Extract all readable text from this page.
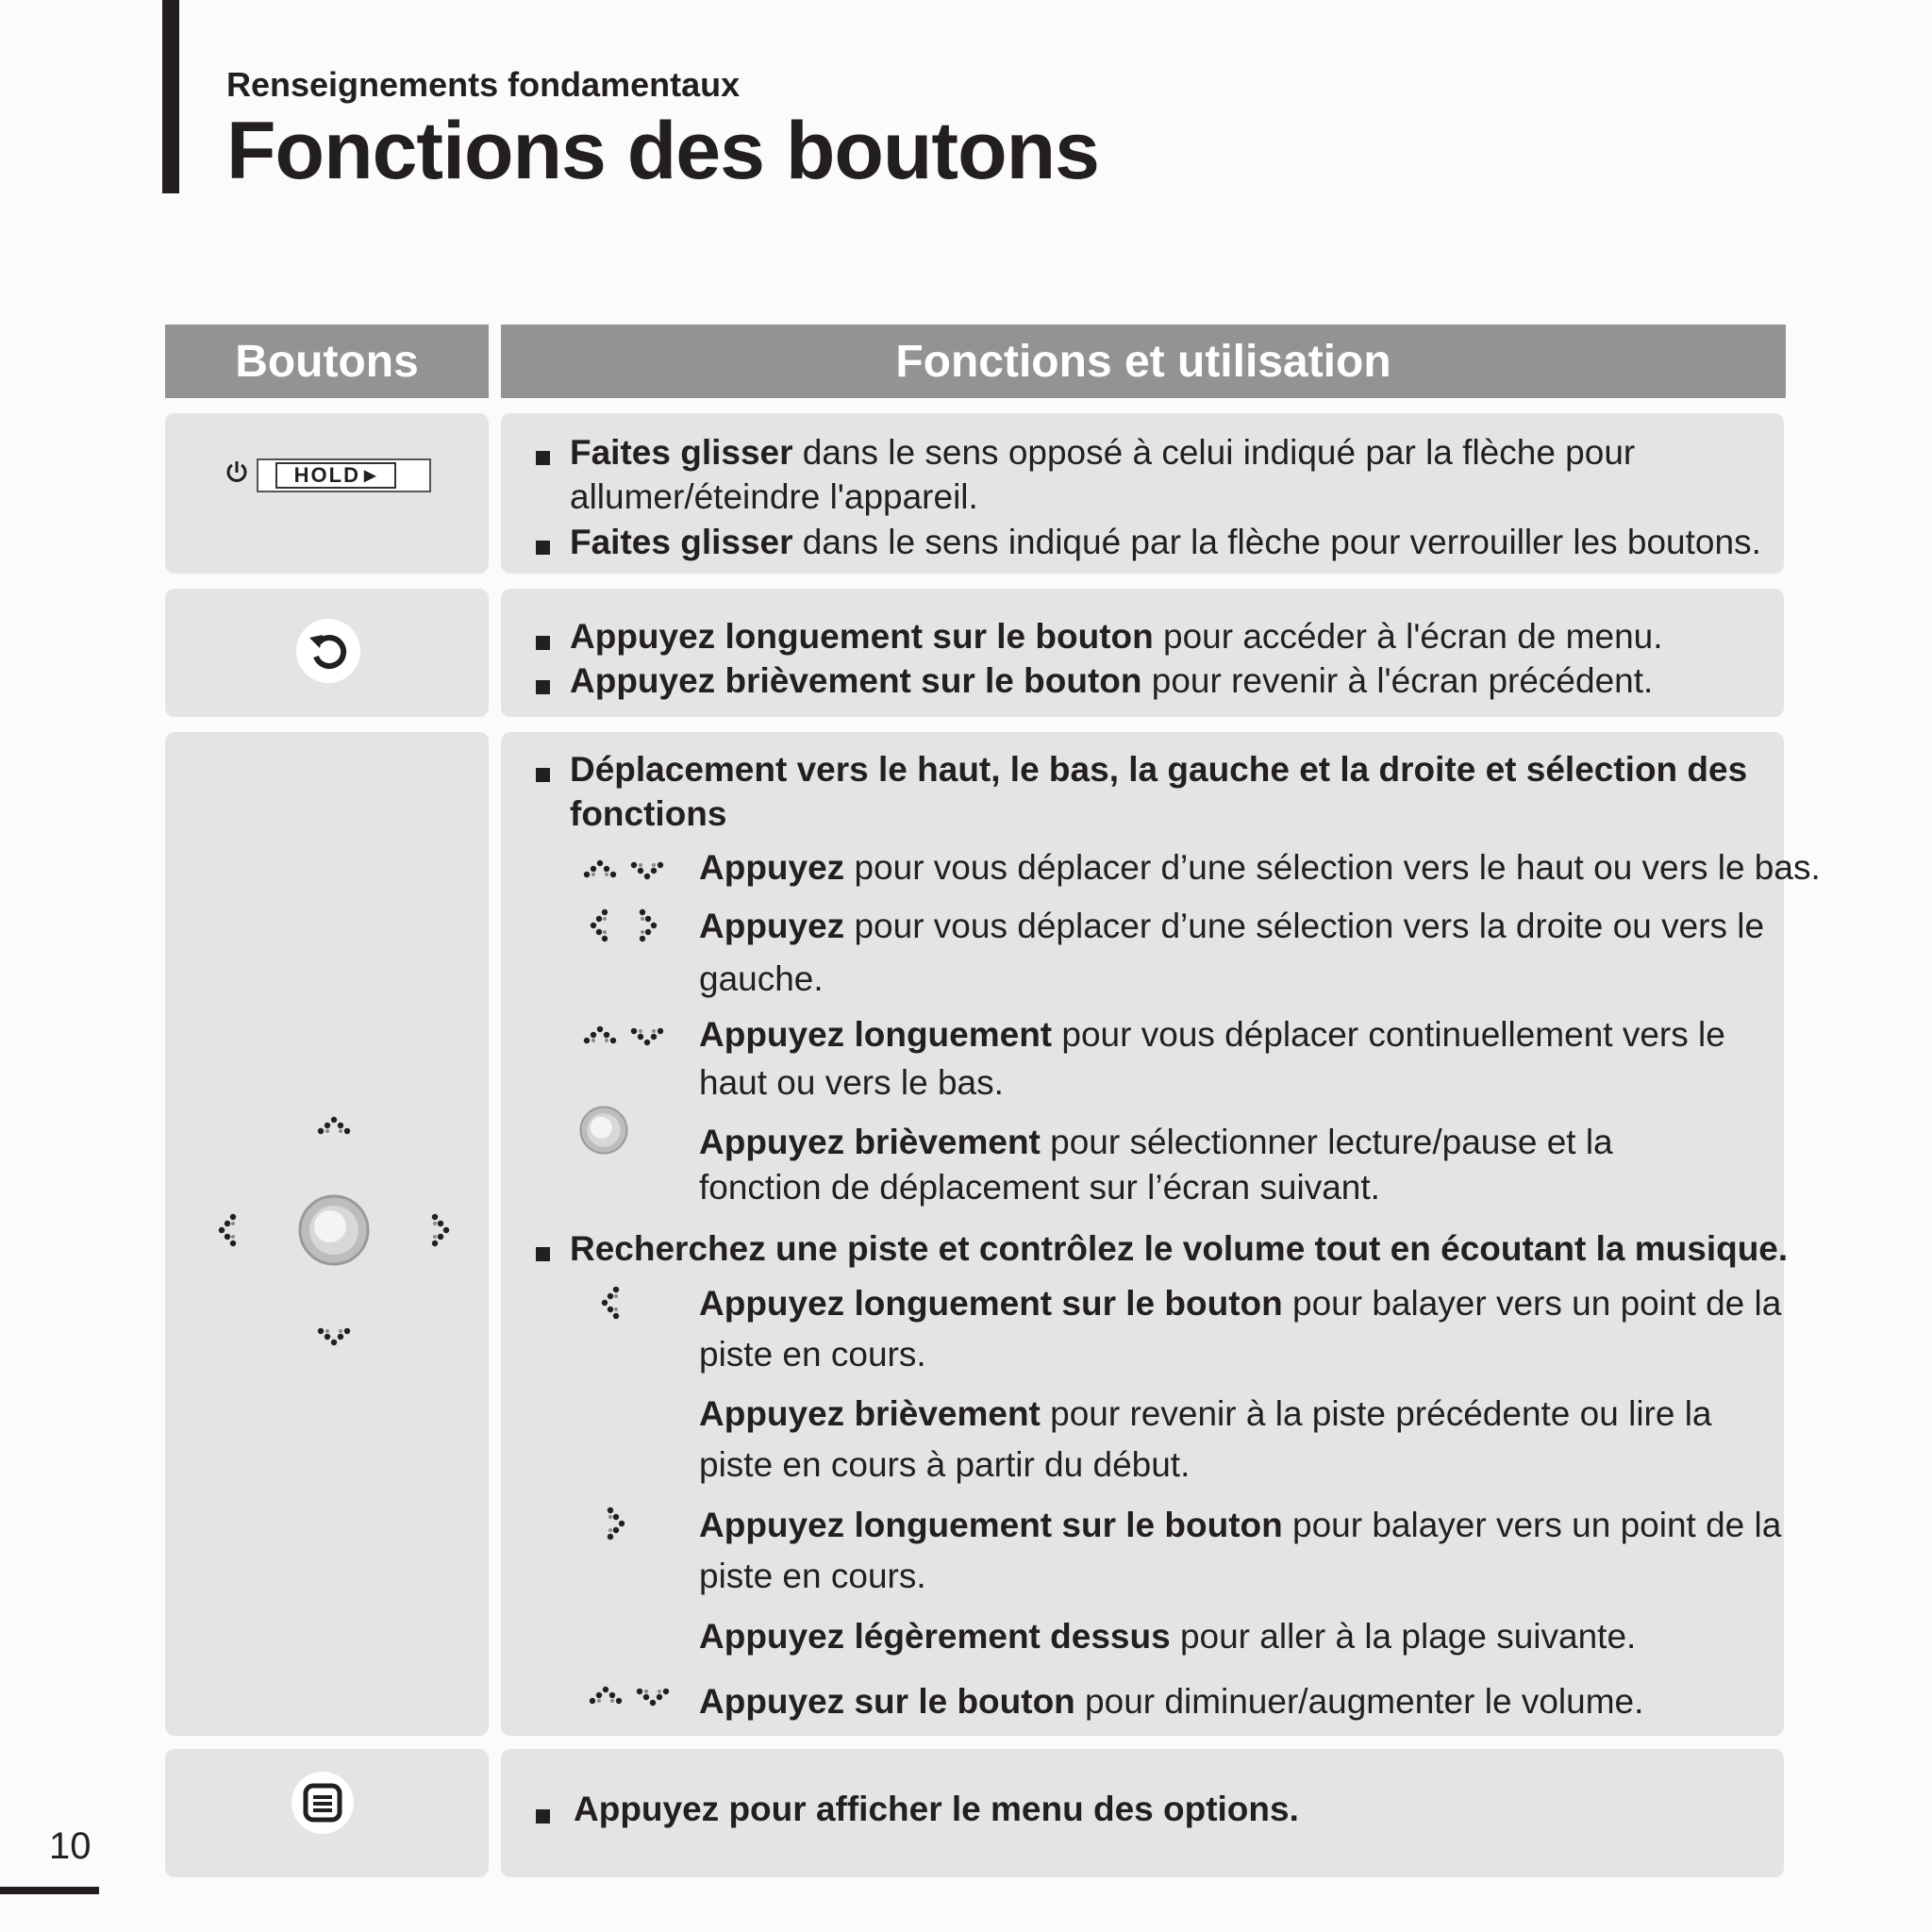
Renseignements fondamentaux

Fonctions des boutons
Boutons	Fonctions et utilisation
HOLD ▶
Faites glisser dans le sens opposé à celui indiqué par la flèche pour
allumer/éteindre l'appareil.
Faites glisser dans le sens indiqué par la flèche pour verrouiller les boutons.
Appuyez longuement sur le bouton pour accéder à l'écran de menu.
Appuyez brièvement sur le bouton pour revenir à l'écran précédent.
Déplacement vers le haut, le bas, la gauche et la droite et sélection des
fonctions
Appuyez pour vous déplacer d’une sélection vers le haut ou vers le bas.
Appuyez pour vous déplacer d’une sélection vers la droite ou vers le
gauche.
Appuyez longuement pour vous déplacer continuellement vers le
haut ou vers le bas.
Appuyez brièvement pour sélectionner lecture/pause et la
fonction de déplacement sur l’écran suivant.
Recherchez une piste et contrôlez le volume tout en écoutant la musique.
Appuyez longuement sur le bouton pour balayer vers un point de la
piste en cours.
Appuyez brièvement pour revenir à la piste précédente ou lire la
piste en cours à partir du début.
Appuyez longuement sur le bouton pour balayer vers un point de la
piste en cours.
Appuyez légèrement dessus pour aller à la plage suivante.
Appuyez sur le bouton pour diminuer/augmenter le volume.
Appuyez pour afficher le menu des options.
10
